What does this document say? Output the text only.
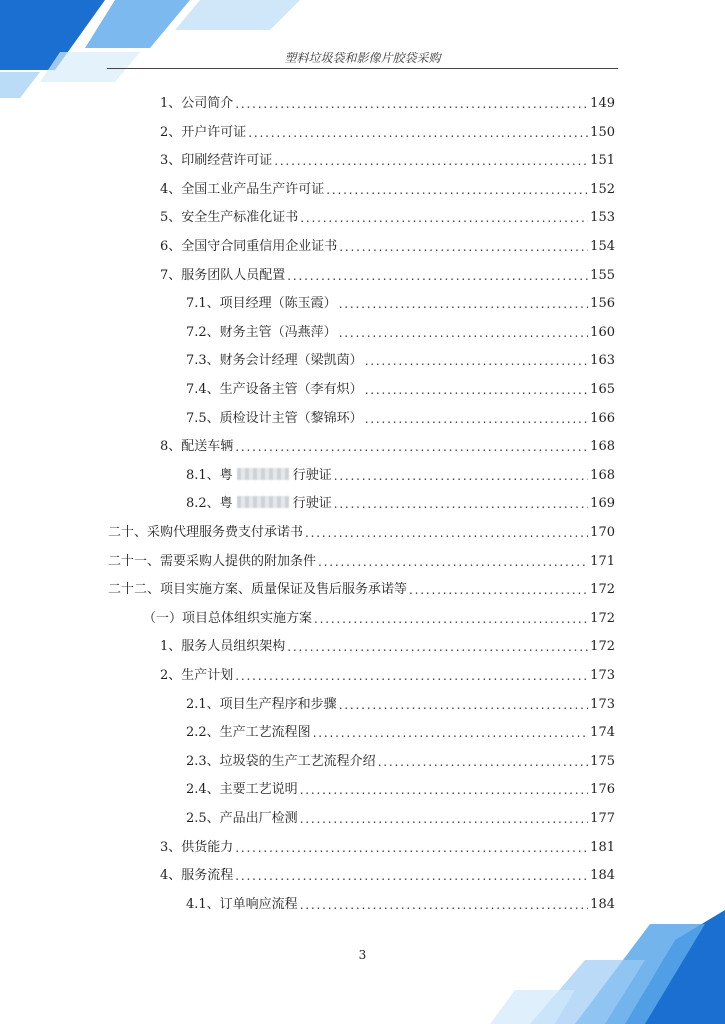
塑料垃圾袋和影像片胶袋采购
1、公司简介 .....	149
2、开户许可证 .....	150
3、印刷经营许可证 .....	151
4、全国工业产品生产许可证 .....	152
5、安全生产标准化证书 .....	153
6、全国守合同重信用企业证书 .....	154
7、服务团队人员配置 .....	155
7.1、项目经理（陈玉霞） .....	156
7.2、财务主管（冯燕萍） .....	160
7.3、财务会计经理（梁凯茵） .....	163
7.4、生产设备主管（李有炽） .....	165
7.5、质检设计主管（黎锦环） .....	166
8、配送车辆 .....	168
8.1、粤	行驶证 .....	168
8.2、粤	行驶证 .....	169
二十、采购代理服务费支付承诺书 .....	170
二十一、需要采购人提供的附加条件 .....	171
二十二、项目实施方案、质量保证及售后服务承诺等 .....	172
（一）项目总体组织实施方案 .....	172
1、服务人员组织架构 .....	172
2、生产计划 .....	173
2.1、项目生产程序和步骤 .....	173
2.2、生产工艺流程图 .....	174
2.3、垃圾袋的生产工艺流程介绍 .....	175
2.4、主要工艺说明 .....	176
2.5、产品出厂检测 .....	177
3、供货能力 .....	181
4、服务流程 .....	184
4.1、订单响应流程 .....	184
3
